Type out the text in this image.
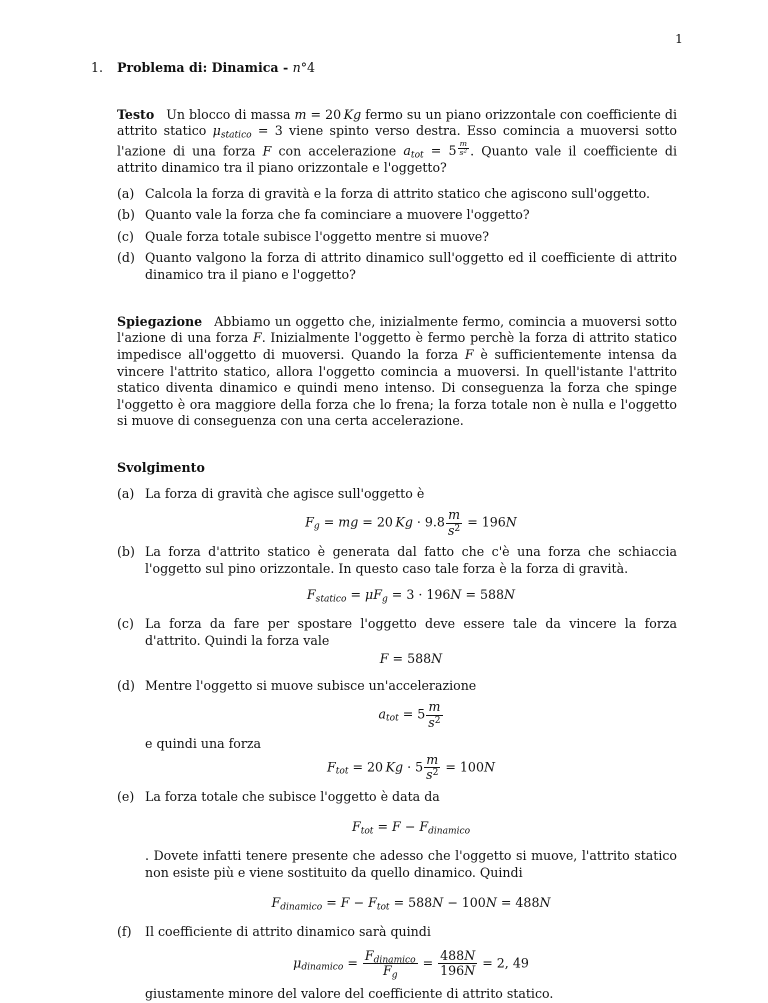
1
1. Problema di: Dinamica - n°4

Testo Un blocco di massa m = 20  Kg fermo su un piano orizzontale con coefficiente di attrito statico $\mu_{statico} = 3$ viene spinto verso destra. Esso comincia a muoversi sotto l'azione di una forza F con accelerazione $a_{tot} = 5 \frac{m}{s^2}$ . Quanto vale il coefficiente di attrito dinamico tra il piano orizzontale e l'oggetto?

(a) Calcola la forza di gravità e la forza di attrito statico che agiscono sull'oggetto.
(b) Quanto vale la forza che fa cominciare a muovere l'oggetto?
(c) Quale forza totale subisce l'oggetto mentre si muove?
(d) Quanto valgono la forza di attrito dinamico sull'oggetto ed il coefficiente di attrito dinamico tra il piano e l'oggetto?

Spiegazione Abbiamo un oggetto che, inizialmente fermo, comincia a muoversi sotto l'azione di una forza F. Inizialmente l'oggetto è fermo perchè la forza di attrito statico impedisce all'oggetto di muoversi. Quando la forza F è sufficientemente intensa da vincere l'attrito statico, allora l'oggetto comincia a muoversi. In quell'istante l'attrito statico diventa dinamico e quindi meno intenso. Di conseguenza la forza che spinge l'oggetto è ora maggiore della forza che lo frena; la forza totale non è nulla e l'oggetto si muove di conseguenza con una certa accelerazione.

Svolgimento
(a) La forza di gravità che agisce sull'oggetto è
$F_g$ = mg = 20  $Kg \cdot 9.8 \frac{m}{s^2} = 196N$
(b) La forza d'attrito statico è generata dal fatto che c'è una forza che schiaccia l'oggetto sul pino orizzontale. In questo caso tale forza è la forza di gravità.
$F_{statico} = \mu F_g = 3 \cdot 196N = 588N$
(c) La forza da fare per spostare l'oggetto deve essere tale da vincere la forza d'attrito. Quindi la forza vale
F = 588N
(d) Mentre l'oggetto si muove subisce un'accelerazione
$a_{tot} = 5 \frac{m}{s^2}$
e quindi una forza
$F_{tot} = 20$  $Kg \cdot 5 \frac{m}{s^2} = 100N$
(e) La forza totale che subisce l'oggetto è data da
$F_{tot} = F - F_{dinamico}$
. Dovete infatti tenere presente che adesso che l'oggetto si muove, l'attrito statico non esiste più e viene sostituito da quello dinamico. Quindi
$F_{dinamico} = F - F_{tot} = 588N - 100N = 488N$
(f) Il coefficiente di attrito dinamico sarà quindi
$\mu_{dinamico} = \frac{F_{dinamico}}{F_g} = \frac{488N}{196N} = 2$, 49
giustamente minore del valore del coefficiente di attrito statico.
